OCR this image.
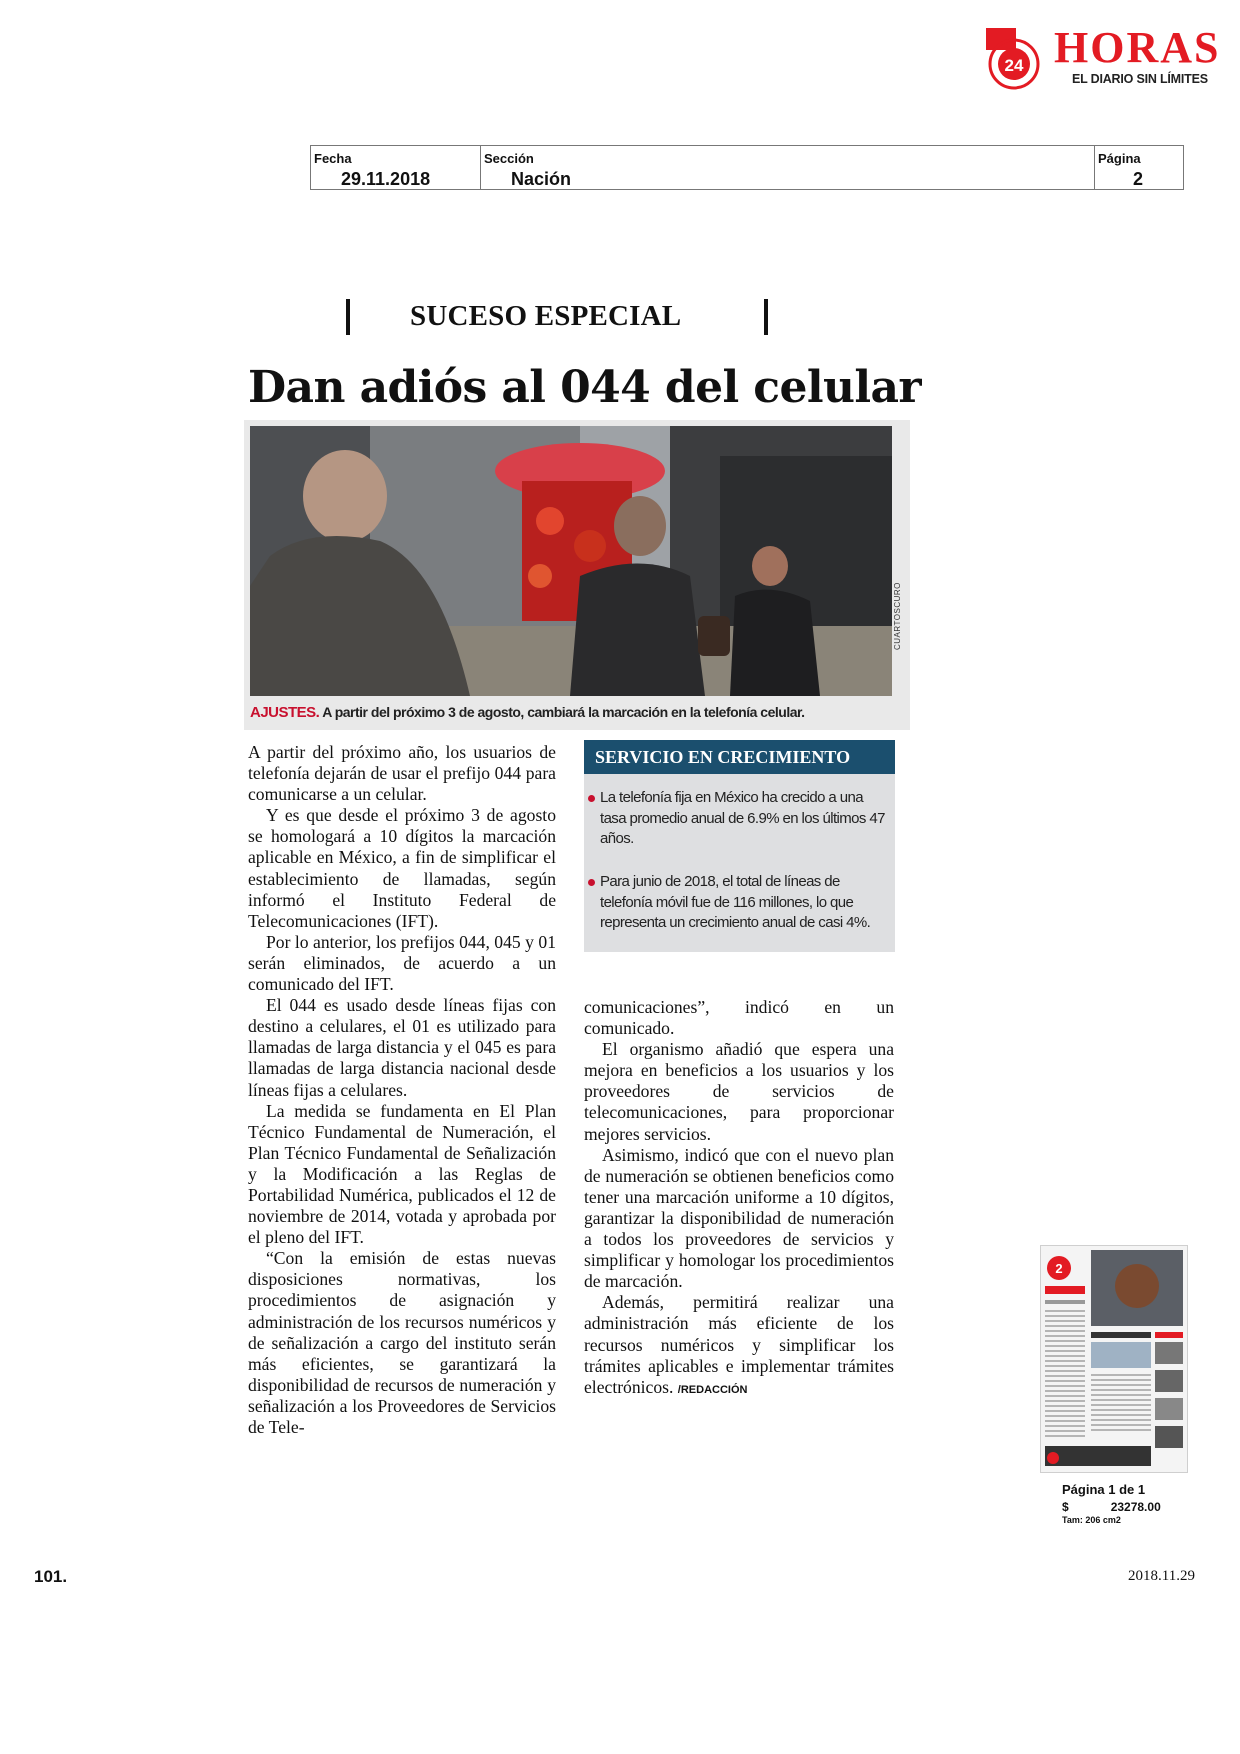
24 HORAS
EL DIARIO SIN LÍMITES
Fecha
29.11.2018
Sección
Nación
Página
2
SUCESO ESPECIAL
Dan adiós al 044 del celular
CUARTOSCURO
AJUSTES. A partir del próximo 3 de agosto, cambiará la marcación en la telefonía celular.

A partir del próximo año, los usuarios de telefonía dejarán de usar el prefijo 044 para comunicarse a un celular.

Y es que desde el próximo 3 de agosto se homologará a 10 dígitos la marcación aplicable en México, a fin de simplificar el establecimiento de llamadas, según informó el Instituto Federal de Telecomunicaciones (IFT).

Por lo anterior, los prefijos 044, 045 y 01 serán eliminados, de acuerdo a un comunicado del IFT.

El 044 es usado desde líneas fijas con destino a celulares, el 01 es utilizado para llamadas de larga distancia y el 045 es para llamadas de larga distancia nacional desde líneas fijas a celulares.

La medida se fundamenta en El Plan Técnico Fundamental de Numeración, el Plan Técnico Fundamental de Señalización y la Modificación a las Reglas de Portabilidad Numérica, publicados el 12 de noviembre de 2014, votada y aprobada por el pleno del IFT.

“Con la emisión de estas nuevas disposiciones normativas, los procedimientos de asignación y administración de los recursos numéricos y de señalización a cargo del instituto serán más eficientes, se garantizará la disponibilidad de recursos de numeración y señalización a los Proveedores de Servicios de Tele-

SERVICIO EN CRECIMIENTO
La telefonía fija en México ha crecido a una tasa promedio anual de 6.9% en los últimos 47 años.
Para junio de 2018, el total de líneas de telefonía móvil fue de 116 millones, lo que representa un crecimiento anual de casi 4%.

comunicaciones”, indicó en un comunicado.

El organismo añadió que espera una mejora en beneficios a los usuarios y los proveedores de servicios de telecomunicaciones, para proporcionar mejores servicios.

Asimismo, indicó que con el nuevo plan de numeración se obtienen beneficios como tener una marcación uniforme a 10 dígitos, garantizar la disponibilidad de numeración a todos los proveedores de servicios y simplificar y homologar los procedimientos de marcación.

Además, permitirá realizar una administración más eficiente de los recursos numéricos y simplificar los trámites aplicables e implementar trámites electrónicos. /REDACCIÓN

2
Página 1 de 1
$	23278.00
Tam: 206 cm2
101.	2018.11.29
